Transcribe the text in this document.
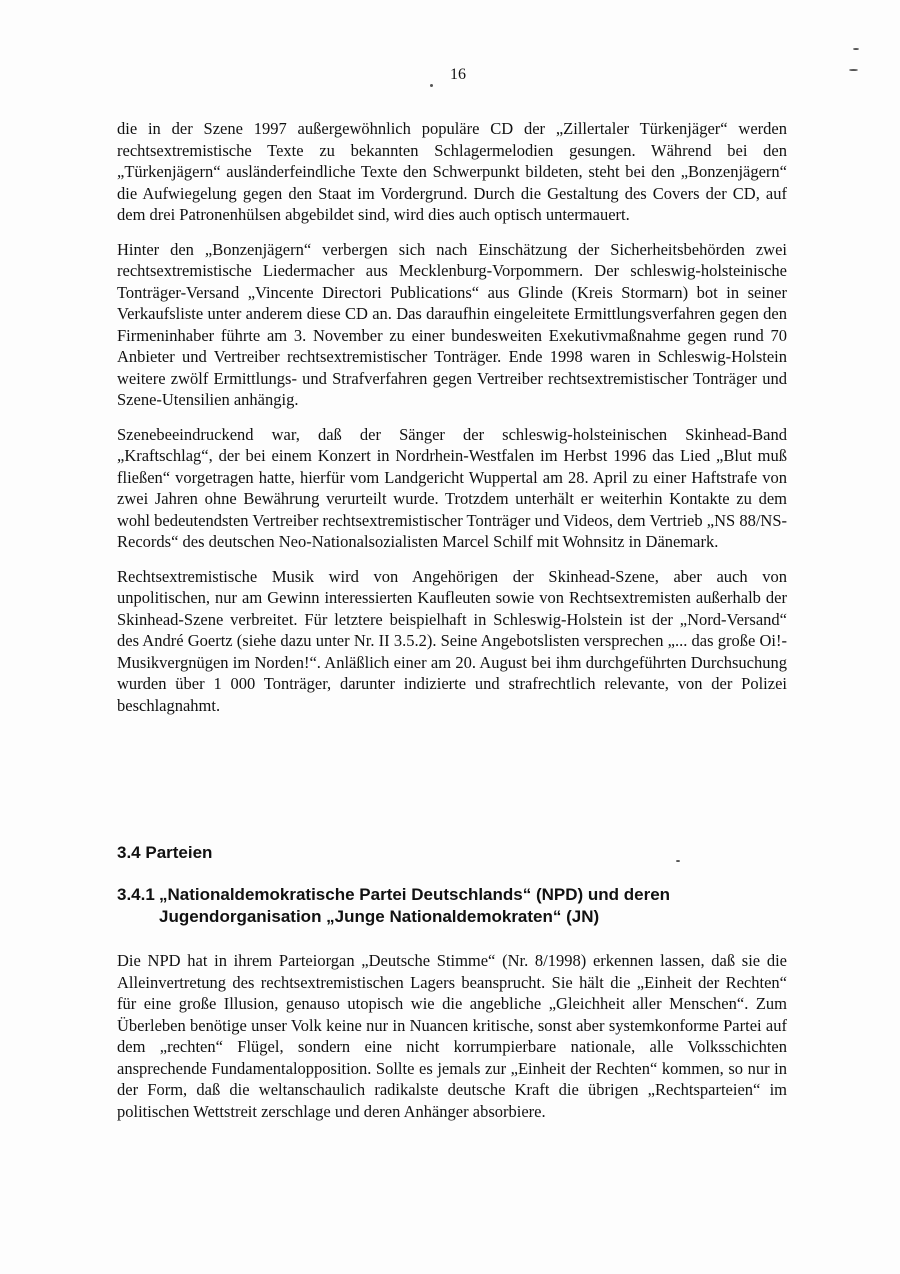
16

die in der Szene 1997 außergewöhnlich populäre CD der „Zillertaler Türkenjäger“ werden rechtsextremistische Texte zu bekannten Schlagermelodien gesungen. Während bei den „Türkenjägern“ ausländerfeindliche Texte den Schwerpunkt bildeten, steht bei den „Bonzenjägern“ die Aufwiegelung gegen den Staat im Vordergrund. Durch die Gestaltung des Covers der CD, auf dem drei Patronenhülsen abgebildet sind, wird dies auch optisch untermauert.

Hinter den „Bonzenjägern“ verbergen sich nach Einschätzung der Sicherheitsbehörden zwei rechtsextremistische Liedermacher aus Mecklenburg-Vorpommern. Der schleswig-holsteinische Tonträger-Versand „Vincente Directori Publications“ aus Glinde (Kreis Stormarn) bot in seiner Verkaufsliste unter anderem diese CD an. Das daraufhin eingeleitete Ermittlungsverfahren gegen den Firmeninhaber führte am 3. November zu einer bundesweiten Exekutivmaßnahme gegen rund 70 Anbieter und Vertreiber rechtsextremistischer Tonträger. Ende 1998 waren in Schleswig-Holstein weitere zwölf Ermittlungs- und Strafverfahren gegen Vertreiber rechtsextremistischer Tonträger und Szene-Utensilien anhängig.

Szenebeeindruckend war, daß der Sänger der schleswig-holsteinischen Skinhead-Band „Kraftschlag“, der bei einem Konzert in Nordrhein-Westfalen im Herbst 1996 das Lied „Blut muß fließen“ vorgetragen hatte, hierfür vom Landgericht Wuppertal am 28. April zu einer Haftstrafe von zwei Jahren ohne Bewährung verurteilt wurde. Trotzdem unterhält er weiterhin Kontakte zu dem wohl bedeutendsten Vertreiber rechtsextremistischer Tonträger und Videos, dem Vertrieb „NS 88/NS-Records“ des deutschen Neo-Nationalsozialisten Marcel Schilf mit Wohnsitz in Dänemark.

Rechtsextremistische Musik wird von Angehörigen der Skinhead-Szene, aber auch von unpolitischen, nur am Gewinn interessierten Kaufleuten sowie von Rechtsextremisten außerhalb der Skinhead-Szene verbreitet. Für letztere beispielhaft in Schleswig-Holstein ist der „Nord-Versand“ des André Goertz (siehe dazu unter Nr. II 3.5.2). Seine Angebotslisten versprechen „... das große Oi!-Musikvergnügen im Norden!“. Anläßlich einer am 20. August bei ihm durchgeführten Durchsuchung wurden über 1 000 Tonträger, darunter indizierte und strafrechtlich relevante, von der Polizei beschlagnahmt.

3.4 Parteien
3.4.1 „Nationaldemokratische Partei Deutschlands“ (NPD) und deren Jugendorganisation „Junge Nationaldemokraten“ (JN)

Die NPD hat in ihrem Parteiorgan „Deutsche Stimme“ (Nr. 8/1998) erkennen lassen, daß sie die Alleinvertretung des rechtsextremistischen Lagers beansprucht. Sie hält die „Einheit der Rechten“ für eine große Illusion, genauso utopisch wie die angebliche „Gleichheit aller Menschen“. Zum Überleben benötige unser Volk keine nur in Nuancen kritische, sonst aber systemkonforme Partei auf dem „rechten“ Flügel, sondern eine nicht korrumpierbare nationale, alle Volksschichten ansprechende Fundamentalopposition. Sollte es jemals zur „Einheit der Rechten“ kommen, so nur in der Form, daß die weltanschaulich radikalste deutsche Kraft die übrigen „Rechtsparteien“ im politischen Wettstreit zerschlage und deren Anhänger absorbiere.
